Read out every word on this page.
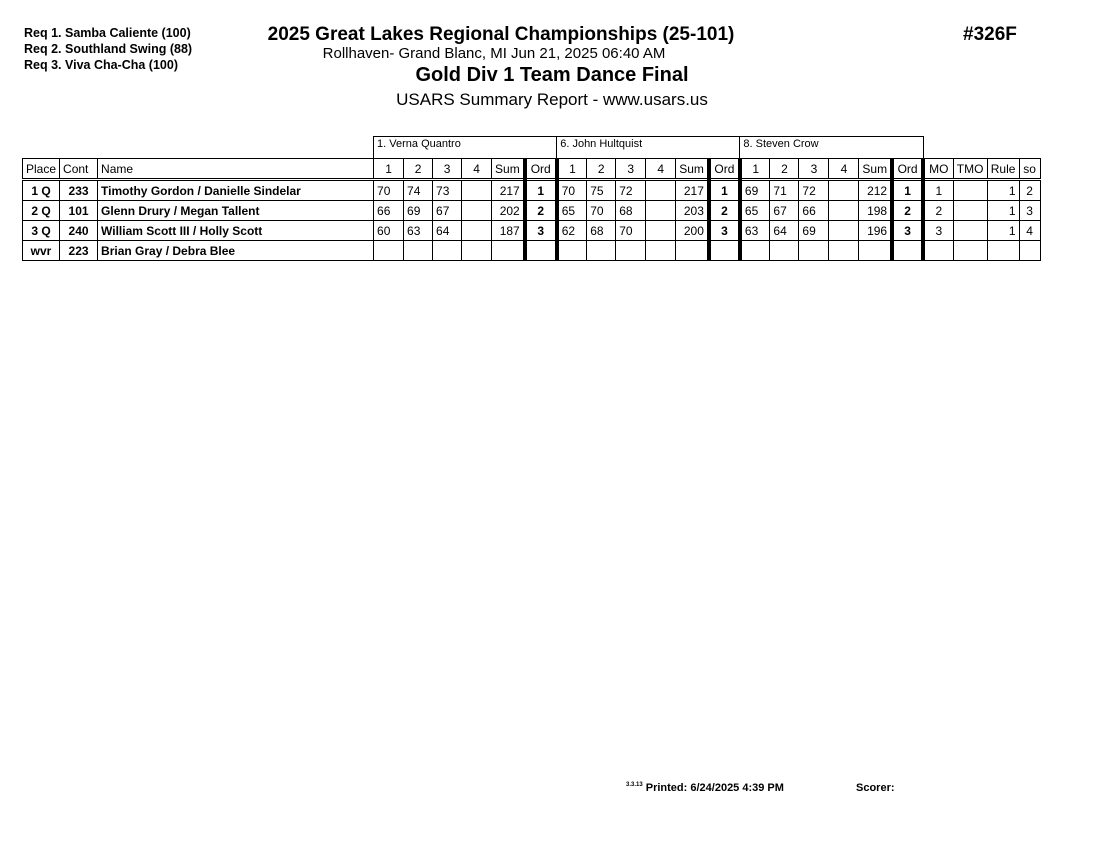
Req 1. Samba Caliente (100)
Req 2. Southland Swing (88)
Req 3. Viva Cha-Cha (100)
2025 Great Lakes Regional Championships (25-101)
Rollhaven- Grand Blanc, MI Jun 21, 2025 06:40 AM
Gold Div 1 Team Dance Final
USARS Summary Report - www.usars.us
#326F
			1. Verna Quantro						6. John Hultquist						8. Steven Crow									
Place	Cont	Name	1	2	3	4	Sum	Ord	1	2	3	4	Sum	Ord	1	2	3	4	Sum	Ord	MO	TMO	Rule	so
1 Q	233	Timothy Gordon / Danielle Sindelar	70	74	73		217	1	70	75	72		217	1	69	71	72		212	1	1		1	2
2 Q	101	Glenn Drury / Megan Tallent	66	69	67		202	2	65	70	68		203	2	65	67	66		198	2	2		1	3
3 Q	240	William Scott III / Holly Scott	60	63	64		187	3	62	68	70		200	3	63	64	69		196	3	3		1	4
wvr	223	Brian Gray / Debra Blee																						
$^{3.3.13}$ Printed: 6/24/2025 4:39 PM	Scorer:
